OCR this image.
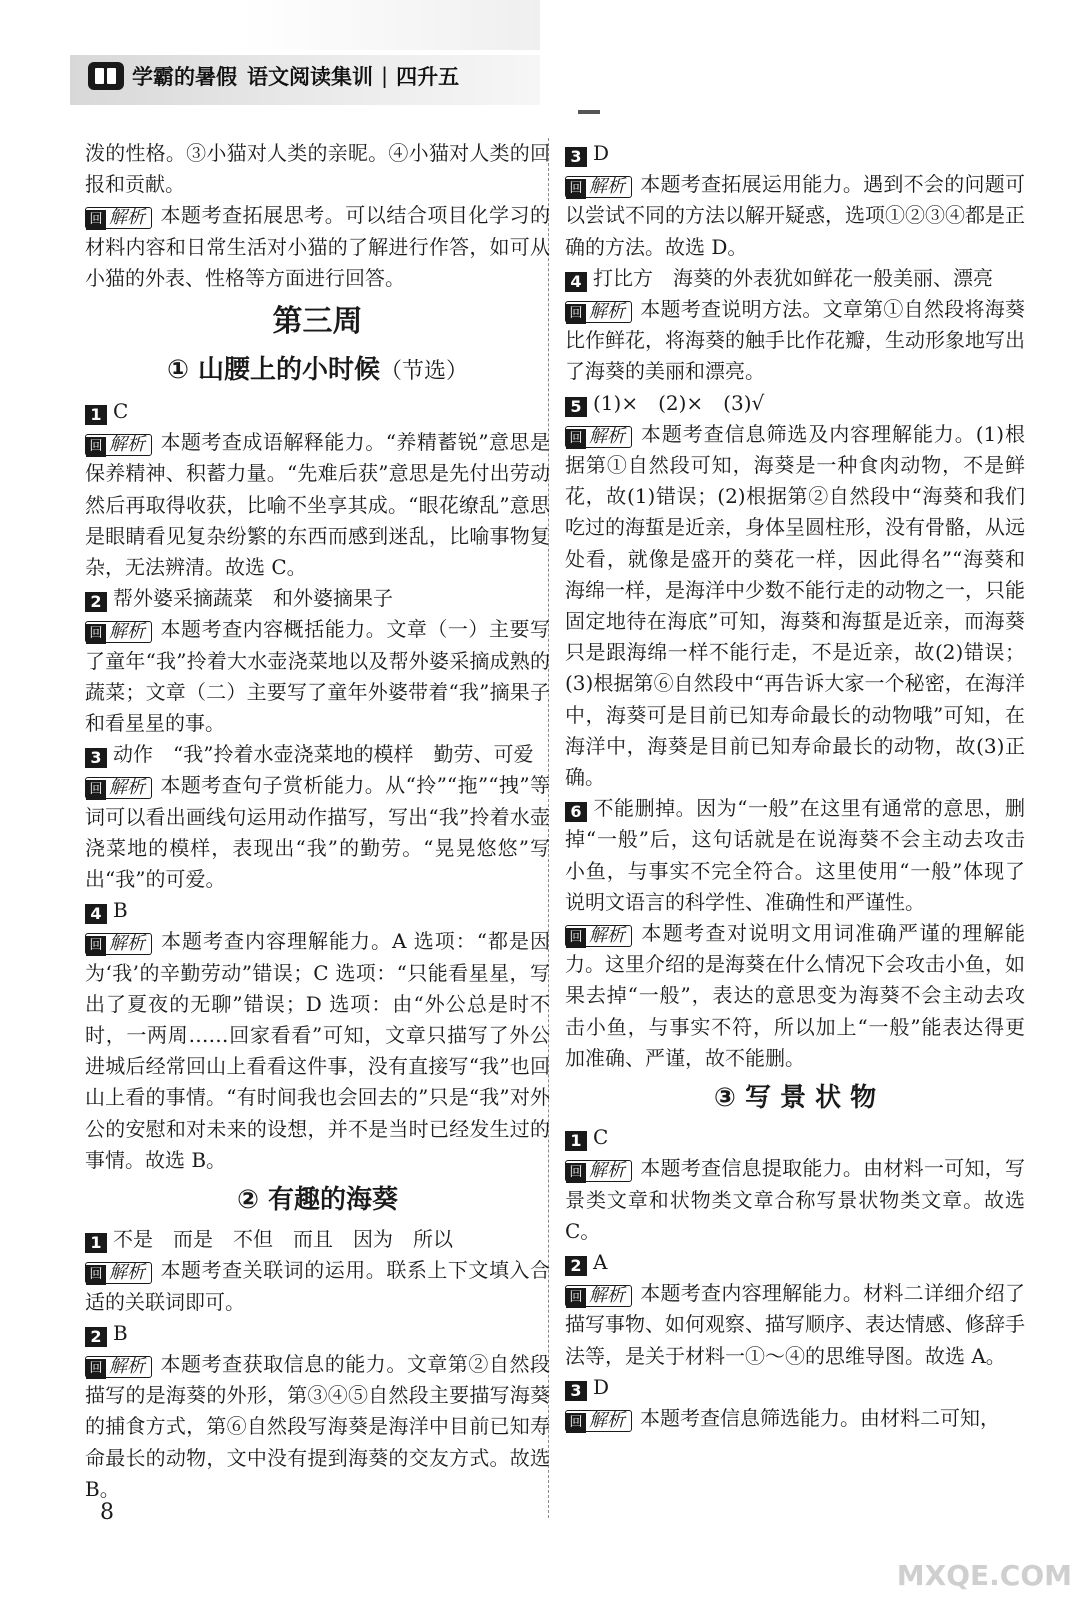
学霸的暑假 语文阅读集训 | 四升五

泼的性格。③小猫对人类的亲昵。④小猫对人类的回报和贡献。

回 解析 本题考查拓展思考。可以结合项目化学习的材料内容和日常生活对小猫的了解进行作答，如可从小猫的外表、性格等方面进行回答。

第三周
① 山腰上的小时候（节选）

1 C

回 解析 本题考查成语解释能力。“养精蓄锐”意思是保养精神、积蓄力量。“先难后获”意思是先付出劳动然后再取得收获，比喻不坐享其成。“眼花缭乱”意思是眼睛看见复杂纷繁的东西而感到迷乱，比喻事物复杂，无法辨清。故选 C。

2 帮外婆采摘蔬菜　和外婆摘果子

回 解析 本题考查内容概括能力。文章（一）主要写了童年“我”拎着大水壶浇菜地以及帮外婆采摘成熟的蔬菜；文章（二）主要写了童年外婆带着“我”摘果子和看星星的事。

3 动作　“我”拎着水壶浇菜地的模样　勤劳、可爱

回 解析 本题考查句子赏析能力。从“拎”“拖”“拽”等词可以看出画线句运用动作描写，写出“我”拎着水壶浇菜地的模样，表现出“我”的勤劳。“晃晃悠悠”写出“我”的可爱。

4 B

回 解析 本题考查内容理解能力。A 选项：“都是因为‘我’的辛勤劳动”错误；C 选项：“只能看星星，写出了夏夜的无聊”错误；D 选项：由“外公总是时不时，一两周……回家看看”可知，文章只描写了外公进城后经常回山上看看这件事，没有直接写“我”也回山上看的事情。“有时间我也会回去的”只是“我”对外公的安慰和对未来的设想，并不是当时已经发生过的事情。故选 B。

② 有趣的海葵

1 不是　而是　不但　而且　因为　所以

回 解析 本题考查关联词的运用。联系上下文填入合适的关联词即可。

2 B

回 解析 本题考查获取信息的能力。文章第②自然段描写的是海葵的外形，第③④⑤自然段主要描写海葵的捕食方式，第⑥自然段写海葵是海洋中目前已知寿命最长的动物，文中没有提到海葵的交友方式。故选 B。

3 D

回 解析 本题考查拓展运用能力。遇到不会的问题可以尝试不同的方法以解开疑惑，选项①②③④都是正确的方法。故选 D。

4 打比方　海葵的外表犹如鲜花一般美丽、漂亮

回 解析 本题考查说明方法。文章第①自然段将海葵比作鲜花，将海葵的触手比作花瓣，生动形象地写出了海葵的美丽和漂亮。

5 (1)×　(2)×　(3)√

回 解析 本题考查信息筛选及内容理解能力。(1)根据第①自然段可知，海葵是一种食肉动物，不是鲜花，故(1)错误；(2)根据第②自然段中“海葵和我们吃过的海蜇是近亲，身体呈圆柱形，没有骨骼，从远处看，就像是盛开的葵花一样，因此得名”“海葵和海绵一样，是海洋中少数不能行走的动物之一，只能固定地待在海底”可知，海葵和海蜇是近亲，而海葵只是跟海绵一样不能行走，不是近亲，故(2)错误；(3)根据第⑥自然段中“再告诉大家一个秘密，在海洋中，海葵可是目前已知寿命最长的动物哦”可知，在海洋中，海葵是目前已知寿命最长的动物，故(3)正确。

6 不能删掉。因为“一般”在这里有通常的意思，删掉“一般”后，这句话就是在说海葵不会主动去攻击小鱼，与事实不完全符合。这里使用“一般”体现了说明文语言的科学性、准确性和严谨性。

回 解析 本题考查对说明文用词准确严谨的理解能力。这里介绍的是海葵在什么情况下会攻击小鱼，如果去掉“一般”，表达的意思变为海葵不会主动去攻击小鱼，与事实不符，所以加上“一般”能表达得更加准确、严谨，故不能删。

③ 写 景 状 物

1 C

回 解析 本题考查信息提取能力。由材料一可知，写景类文章和状物类文章合称写景状物类文章。故选 C。

2 A

回 解析 本题考查内容理解能力。材料二详细介绍了描写事物、如何观察、描写顺序、表达情感、修辞手法等，是关于材料一①～④的思维导图。故选 A。

3 D

回 解析 本题考查信息筛选能力。由材料二可知，

8
MXQE.COM
